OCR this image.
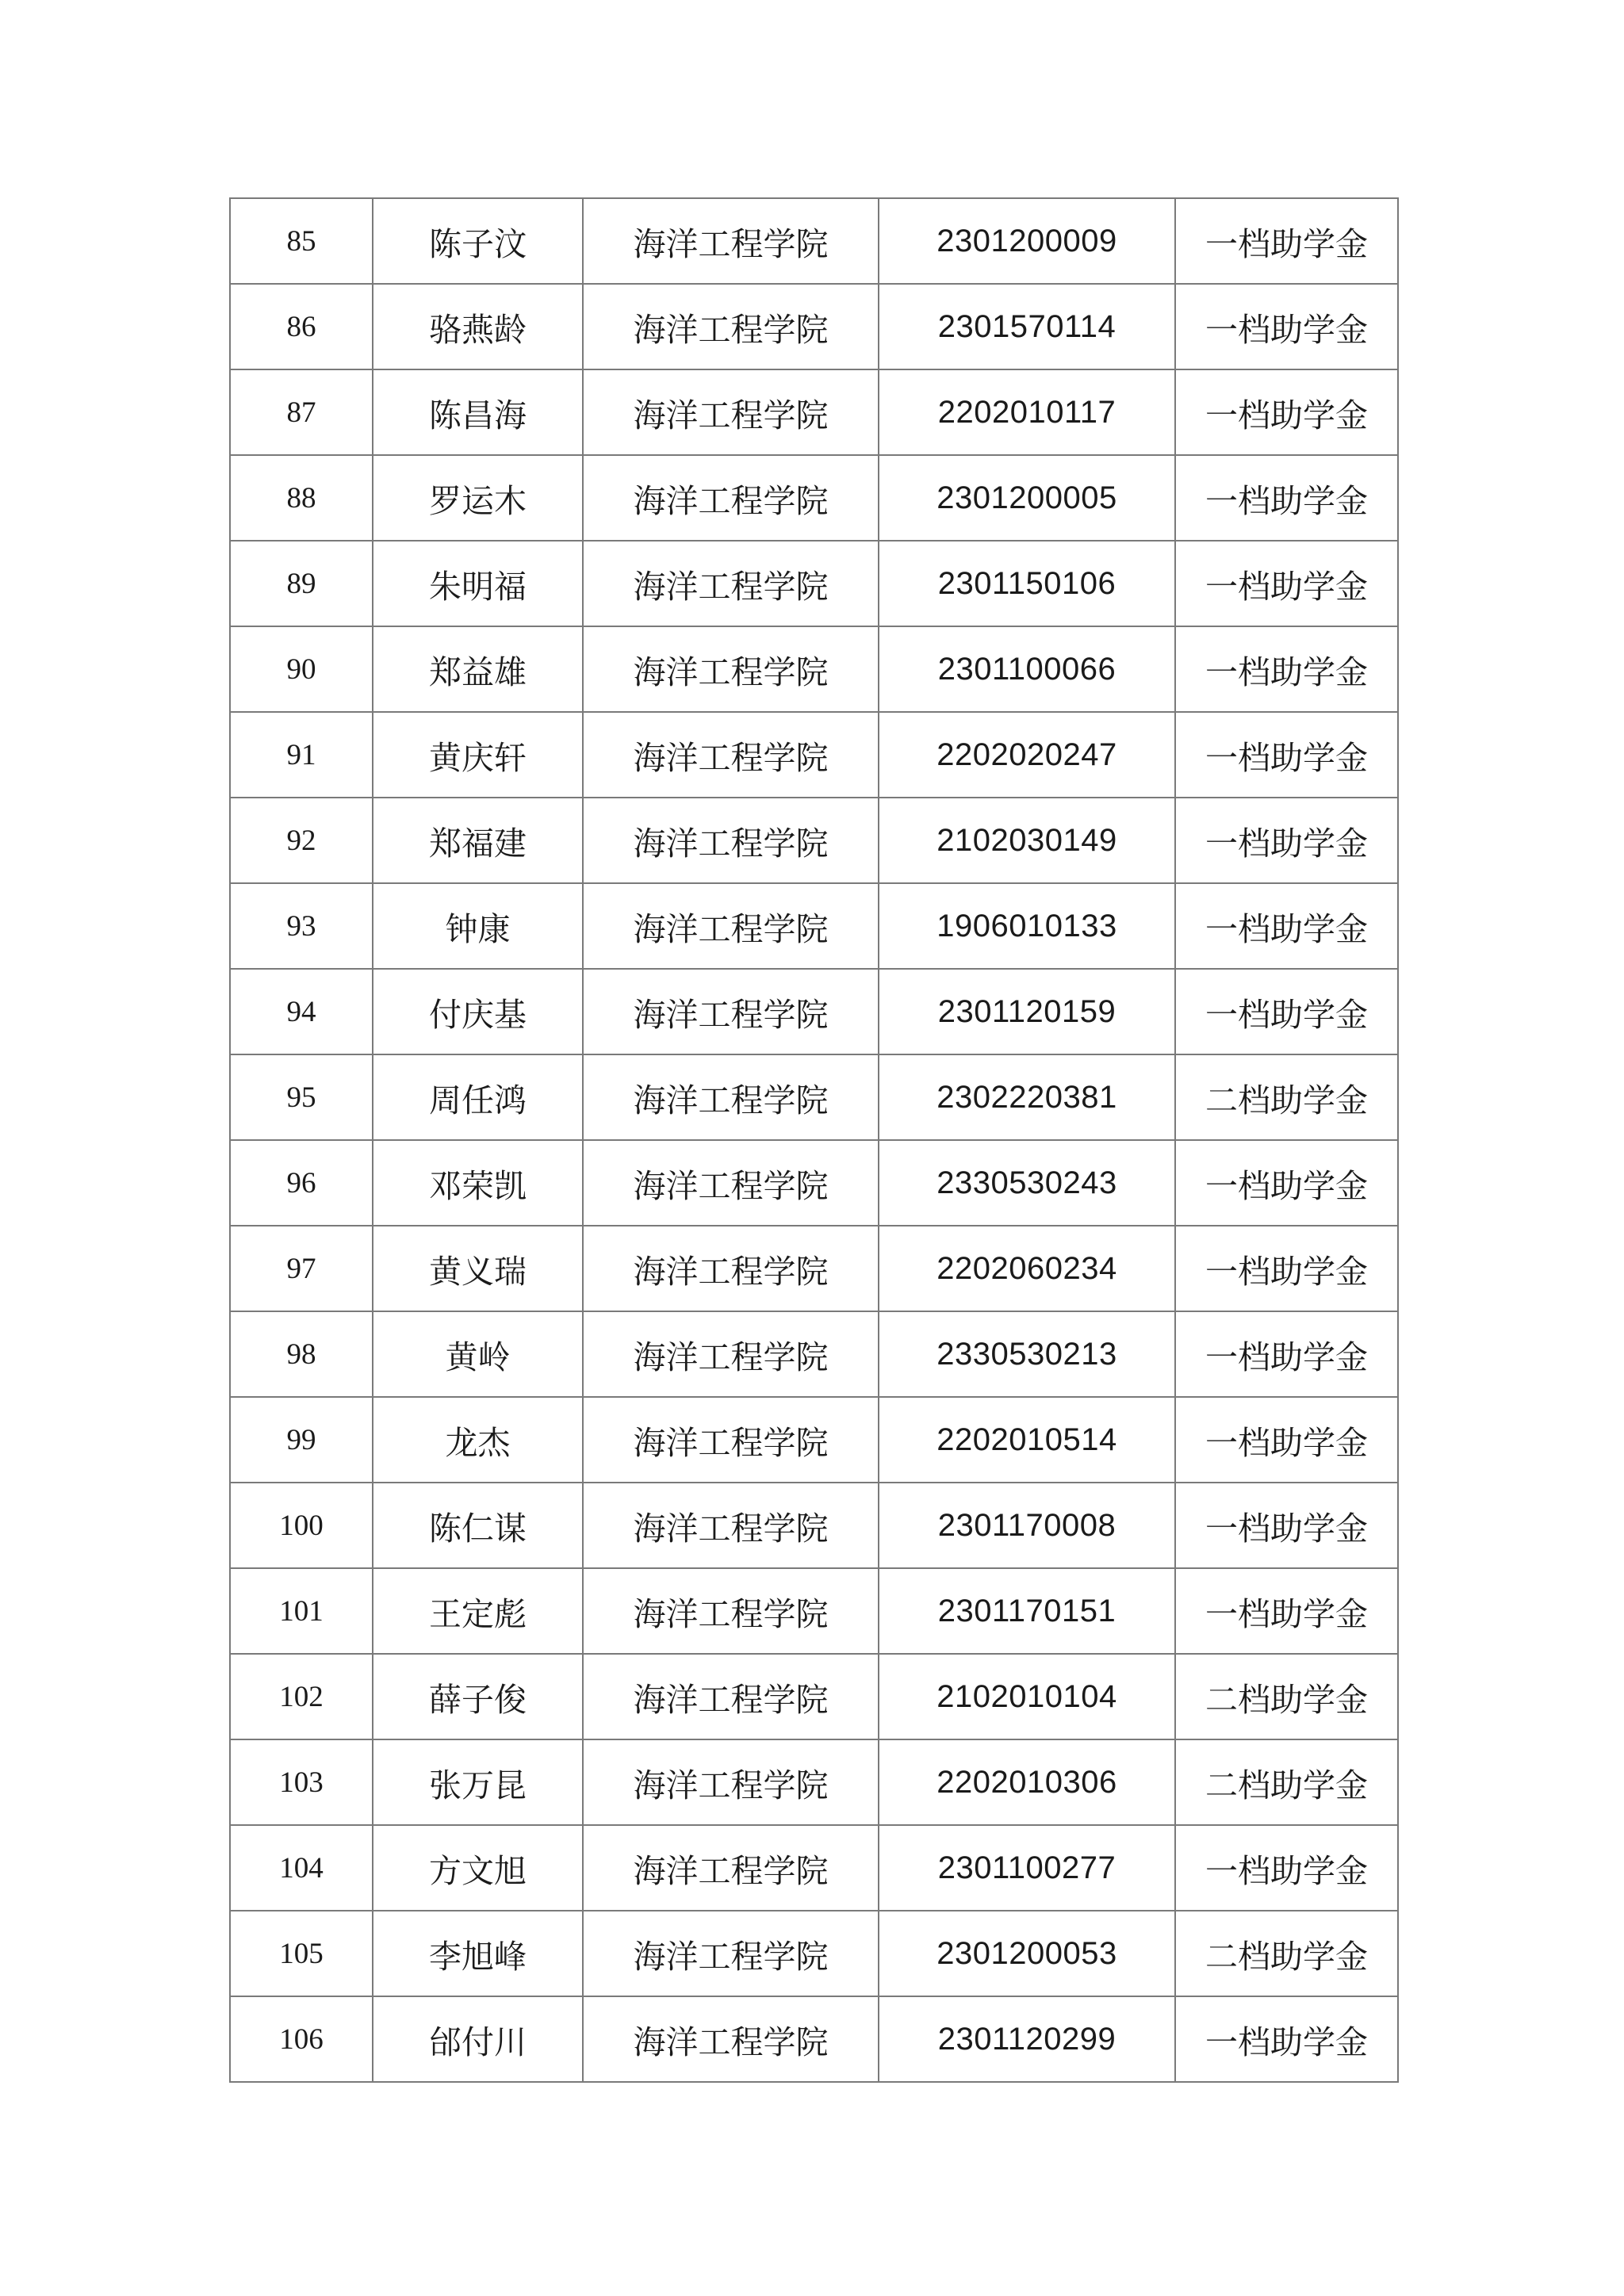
85	陈子汶	海洋工程学院	2301200009	一档助学金
86	骆燕龄	海洋工程学院	2301570114	一档助学金
87	陈昌海	海洋工程学院	2202010117	一档助学金
88	罗运木	海洋工程学院	2301200005	一档助学金
89	朱明福	海洋工程学院	2301150106	一档助学金
90	郑益雄	海洋工程学院	2301100066	一档助学金
91	黄庆轩	海洋工程学院	2202020247	一档助学金
92	郑福建	海洋工程学院	2102030149	一档助学金
93	钟康	海洋工程学院	1906010133	一档助学金
94	付庆基	海洋工程学院	2301120159	一档助学金
95	周任鸿	海洋工程学院	2302220381	二档助学金
96	邓荣凯	海洋工程学院	2330530243	一档助学金
97	黄义瑞	海洋工程学院	2202060234	一档助学金
98	黄岭	海洋工程学院	2330530213	一档助学金
99	龙杰	海洋工程学院	2202010514	一档助学金
100	陈仁谋	海洋工程学院	2301170008	一档助学金
101	王定彪	海洋工程学院	2301170151	一档助学金
102	薛子俊	海洋工程学院	2102010104	二档助学金
103	张万昆	海洋工程学院	2202010306	二档助学金
104	方文旭	海洋工程学院	2301100277	一档助学金
105	李旭峰	海洋工程学院	2301200053	二档助学金
106	邰付川	海洋工程学院	2301120299	一档助学金
